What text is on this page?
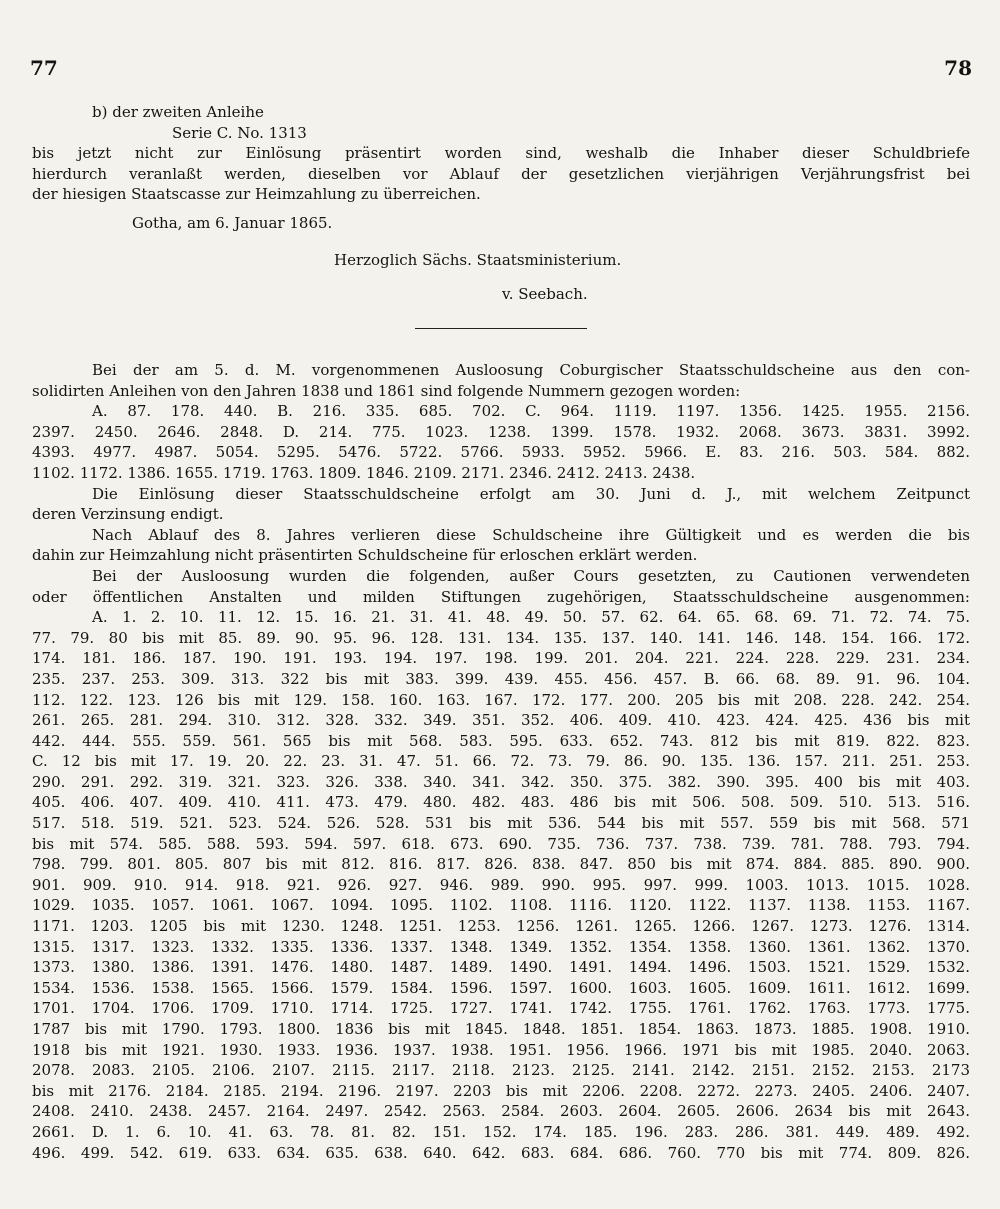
77	78
b) der zweiten Anleihe
Serie C. No. 1313
bis jetzt nicht zur Einlösung präsentirt worden sind, weshalb die Inhaber dieser Schuldbriefe
hierdurch veranlaßt werden, dieselben vor Ablauf der gesetzlichen vierjährigen Verjährungsfrist bei
der hiesigen Staatscasse zur Heimzahlung zu überreichen.
Gotha, am 6. Januar 1865.
Herzoglich Sächs. Staatsministerium.
v. Seebach.
Bei der am 5. d. M. vorgenommenen Ausloosung Coburgischer Staatsschuldscheine aus den con-
solidirten Anleihen von den Jahren 1838 und 1861 sind folgende Nummern gezogen worden:
A. 87. 178. 440. B. 216. 335. 685. 702. C. 964. 1119. 1197. 1356. 1425. 1955. 2156.
2397. 2450. 2646. 2848. D. 214. 775. 1023. 1238. 1399. 1578. 1932. 2068. 3673. 3831. 3992.
4393. 4977. 4987. 5054. 5295. 5476. 5722. 5766. 5933. 5952. 5966. E. 83. 216. 503. 584. 882.
1102. 1172. 1386. 1655. 1719. 1763. 1809. 1846. 2109. 2171. 2346. 2412. 2413. 2438.
Die Einlösung dieser Staatsschuldscheine erfolgt am 30. Juni d. J., mit welchem Zeitpunct
deren Verzinsung endigt.
Nach Ablauf des 8. Jahres verlieren diese Schuldscheine ihre Gültigkeit und es werden die bis
dahin zur Heimzahlung nicht präsentirten Schuldscheine für erloschen erklärt werden.
Bei der Ausloosung wurden die folgenden, außer Cours gesetzten, zu Cautionen verwendeten
oder öffentlichen Anstalten und milden Stiftungen zugehörigen, Staatsschuldscheine ausgenommen:
A. 1. 2. 10. 11. 12. 15. 16. 21. 31. 41. 48. 49. 50. 57. 62. 64. 65. 68. 69. 71. 72. 74. 75.
77. 79. 80 bis mit 85. 89. 90. 95. 96. 128. 131. 134. 135. 137. 140. 141. 146. 148. 154. 166. 172.
174. 181. 186. 187. 190. 191. 193. 194. 197. 198. 199. 201. 204. 221. 224. 228. 229. 231. 234.
235. 237. 253. 309. 313. 322 bis mit 383. 399. 439. 455. 456. 457. B. 66. 68. 89. 91. 96. 104.
112. 122. 123. 126 bis mit 129. 158. 160. 163. 167. 172. 177. 200. 205 bis mit 208. 228. 242. 254.
261. 265. 281. 294. 310. 312. 328. 332. 349. 351. 352. 406. 409. 410. 423. 424. 425. 436 bis mit
442. 444. 555. 559. 561. 565 bis mit 568. 583. 595. 633. 652. 743. 812 bis mit 819. 822. 823.
C. 12 bis mit 17. 19. 20. 22. 23. 31. 47. 51. 66. 72. 73. 79. 86. 90. 135. 136. 157. 211. 251. 253.
290. 291. 292. 319. 321. 323. 326. 338. 340. 341. 342. 350. 375. 382. 390. 395. 400 bis mit 403.
405. 406. 407. 409. 410. 411. 473. 479. 480. 482. 483. 486 bis mit 506. 508. 509. 510. 513. 516.
517. 518. 519. 521. 523. 524. 526. 528. 531 bis mit 536. 544 bis mit 557. 559 bis mit 568. 571
bis mit 574. 585. 588. 593. 594. 597. 618. 673. 690. 735. 736. 737. 738. 739. 781. 788. 793. 794.
798. 799. 801. 805. 807 bis mit 812. 816. 817. 826. 838. 847. 850 bis mit 874. 884. 885. 890. 900.
901. 909. 910. 914. 918. 921. 926. 927. 946. 989. 990. 995. 997. 999. 1003. 1013. 1015. 1028.
1029. 1035. 1057. 1061. 1067. 1094. 1095. 1102. 1108. 1116. 1120. 1122. 1137. 1138. 1153. 1167.
1171. 1203. 1205 bis mit 1230. 1248. 1251. 1253. 1256. 1261. 1265. 1266. 1267. 1273. 1276. 1314.
1315. 1317. 1323. 1332. 1335. 1336. 1337. 1348. 1349. 1352. 1354. 1358. 1360. 1361. 1362. 1370.
1373. 1380. 1386. 1391. 1476. 1480. 1487. 1489. 1490. 1491. 1494. 1496. 1503. 1521. 1529. 1532.
1534. 1536. 1538. 1565. 1566. 1579. 1584. 1596. 1597. 1600. 1603. 1605. 1609. 1611. 1612. 1699.
1701. 1704. 1706. 1709. 1710. 1714. 1725. 1727. 1741. 1742. 1755. 1761. 1762. 1763. 1773. 1775.
1787 bis mit 1790. 1793. 1800. 1836 bis mit 1845. 1848. 1851. 1854. 1863. 1873. 1885. 1908. 1910.
1918 bis mit 1921. 1930. 1933. 1936. 1937. 1938. 1951. 1956. 1966. 1971 bis mit 1985. 2040. 2063.
2078. 2083. 2105. 2106. 2107. 2115. 2117. 2118. 2123. 2125. 2141. 2142. 2151. 2152. 2153. 2173
bis mit 2176. 2184. 2185. 2194. 2196. 2197. 2203 bis mit 2206. 2208. 2272. 2273. 2405. 2406. 2407.
2408. 2410. 2438. 2457. 2164. 2497. 2542. 2563. 2584. 2603. 2604. 2605. 2606. 2634 bis mit 2643.
2661. D. 1. 6. 10. 41. 63. 78. 81. 82. 151. 152. 174. 185. 196. 283. 286. 381. 449. 489. 492.
496. 499. 542. 619. 633. 634. 635. 638. 640. 642. 683. 684. 686. 760. 770 bis mit 774. 809. 826.
